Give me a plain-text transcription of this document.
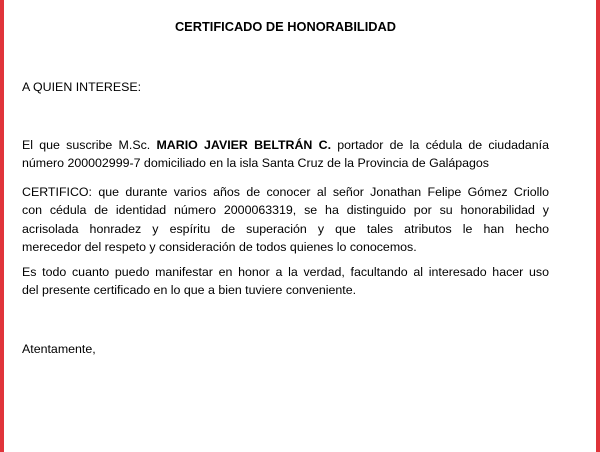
CERTIFICADO DE HONORABILIDAD

A QUIEN INTERESE:

El que suscribe M.Sc. MARIO JAVIER BELTRÁN C. portador de la cédula de ciudadanía
número 200002999-7 domiciliado en la isla Santa Cruz de la Provincia de Galápagos
CERTIFICO: que durante varios años de conocer al señor Jonathan Felipe Gómez Criollo
con cédula de identidad número 2000063319, se ha distinguido por su honorabilidad y
acrisolada honradez y espíritu de superación y que tales atributos le han hecho
merecedor del respeto y consideración de todos quienes lo conocemos.
Es todo cuanto puedo manifestar en honor a la verdad, facultando al interesado hacer uso
del presente certificado en lo que a bien tuviere conveniente.

Atentamente,
